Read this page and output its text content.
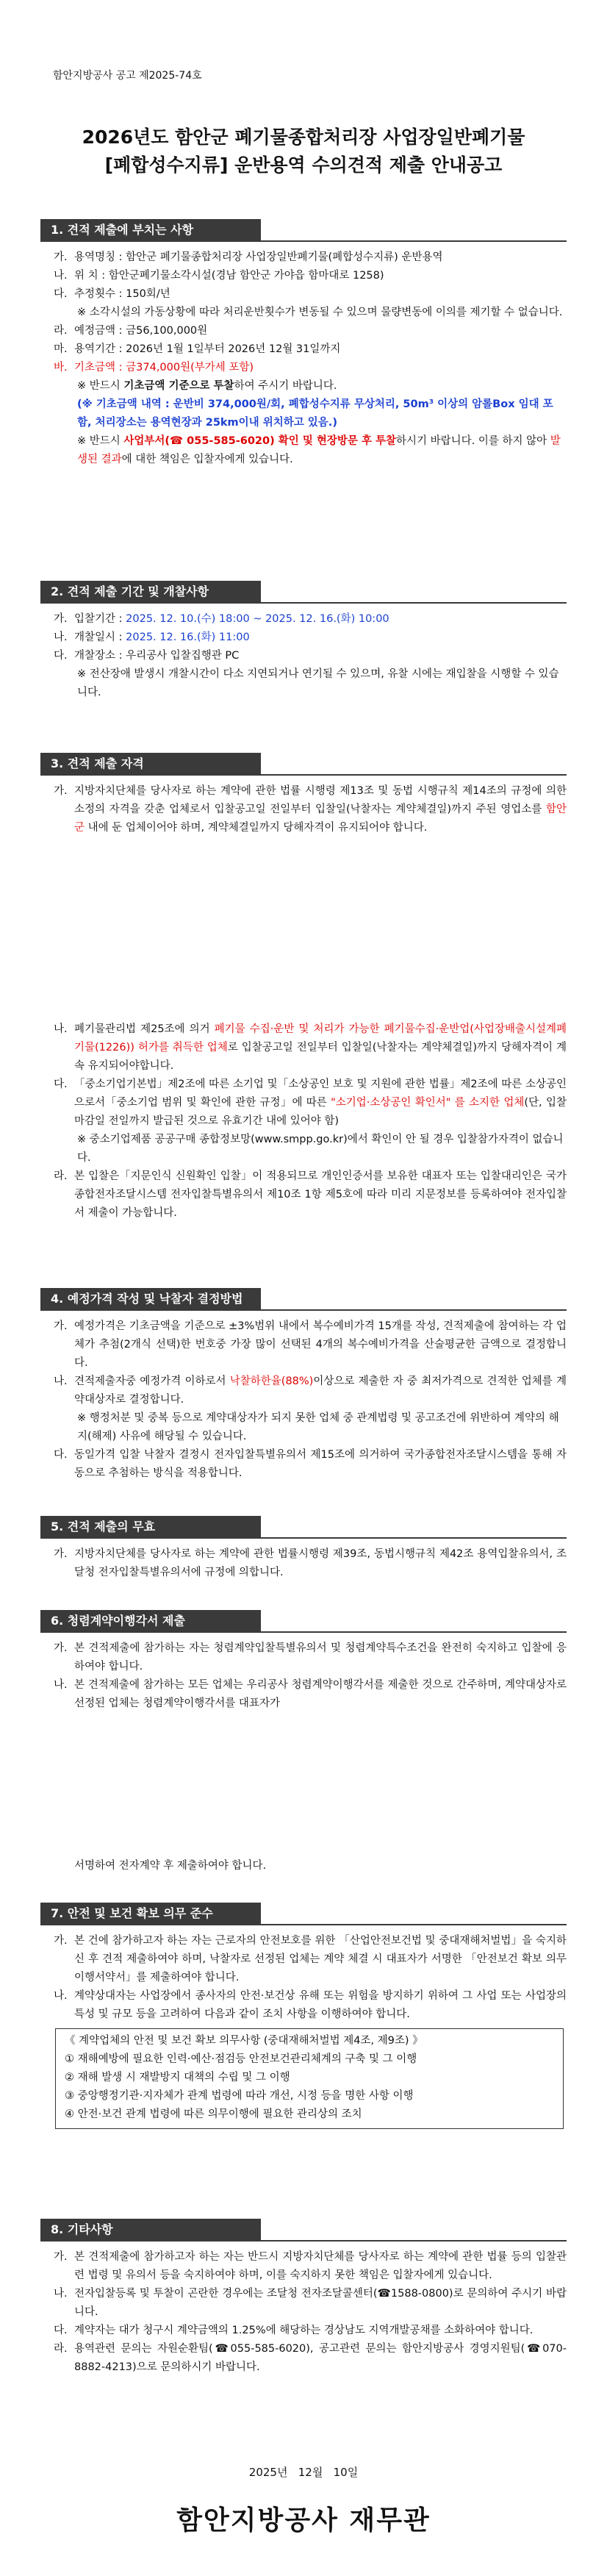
함안지방공사 공고 제2025-74호
2026년도 함안군 폐기물종합처리장 사업장일반폐기물
[폐합성수지류] 운반용역 수의견적 제출 안내공고
1. 견적 제출에 부치는 사항
가. 용역명칭 : 함안군 폐기물종합처리장 사업장일반폐기물(폐합성수지류) 운반용역
나. 위 치 : 함안군폐기물소각시설(경남 함안군 가야읍 함마대로 1258)
다. 추정횟수 : 150회/년
※ 소각시설의 가동상황에 따라 처리운반횟수가 변동될 수 있으며 물량변동에 이의를 제기할 수 없습니다.
라. 예정금액 : 금56,100,000원
마. 용역기간 : 2026년 1월 1일부터 2026년 12월 31일까지
바. 기초금액 : 금374,000원(부가세 포함)
※ 반드시 기초금액 기준으로 투찰하여 주시기 바랍니다.
(※ 기초금액 내역 : 운반비 374,000원/회, 폐합성수지류 무상처리, 50m³ 이상의 암롤Box 임대 포함, 처리장소는 용역현장과 25km이내 위치하고 있음.)
※ 반드시 사업부서(☎ 055-585-6020) 확인 및 현장방문 후 투찰하시기 바랍니다. 이를 하지 않아 발생된 결과에 대한 책임은 입찰자에게 있습니다.
2. 견적 제출 기간 및 개찰사항
가. 입찰기간 : 2025. 12. 10.(수) 18:00 ~ 2025. 12. 16.(화) 10:00
나. 개찰일시 : 2025. 12. 16.(화) 11:00
다. 개찰장소 : 우리공사 입찰집행관 PC
※ 전산장애 발생시 개찰시간이 다소 지연되거나 연기될 수 있으며, 유찰 시에는 재입찰을 시행할 수 있습니다.
3. 견적 제출 자격
가. 지방자치단체를 당사자로 하는 계약에 관한 법률 시행령 제13조 및 동법 시행규칙 제14조의 규정에 의한 소정의 자격을 갖춘 업체로서 입찰공고일 전일부터 입찰일(낙찰자는 계약체결일)까지 주된 영업소를 함안군 내에 둔 업체이어야 하며, 계약체결일까지 당해자격이 유지되어야 합니다.
나. 폐기물관리법 제25조에 의거 폐기물 수집·운반 및 처리가 가능한 폐기물수집·운반업(사업장배출시설계폐기물(1226)) 허가를 취득한 업체로 입찰공고일 전일부터 입찰일(낙찰자는 계약체결일)까지 당해자격이 계속 유지되어야합니다.
다. 「중소기업기본법」제2조에 따른 소기업 및「소상공인 보호 및 지원에 관한 법률」제2조에 따른 소상공인으로서「중소기업 범위 및 확인에 관한 규정」에 따른 "소기업·소상공인 확인서" 를 소지한 업체(단, 입찰마감일 전일까지 발급된 것으로 유효기간 내에 있어야 함)
※ 중소기업제품 공공구매 종합정보망(www.smpp.go.kr)에서 확인이 안 될 경우 입찰참가자격이 없습니다.
라. 본 입찰은「지문인식 신원확인 입찰」이 적용되므로 개인인증서를 보유한 대표자 또는 입찰대리인은 국가종합전자조달시스템 전자입찰특별유의서 제10조 1항 제5호에 따라 미리 지문정보를 등록하여야 전자입찰서 제출이 가능합니다.
4. 예정가격 작성 및 낙찰자 결정방법
가. 예정가격은 기초금액을 기준으로 ±3%범위 내에서 복수예비가격 15개를 작성, 견적제출에 참여하는 각 업체가 추첨(2개식 선택)한 번호중 가장 많이 선택된 4개의 복수예비가격을 산술평균한 금액으로 결정합니다.
나. 견적제출자중 예정가격 이하로서 낙찰하한율(88%)이상으로 제출한 자 중 최저가격으로 견적한 업체를 계약대상자로 결정합니다.
※ 행정처분 및 중복 등으로 계약대상자가 되지 못한 업체 중 관계법령 및 공고조건에 위반하여 계약의 해지(해제) 사유에 해당될 수 있습니다.
다. 동일가격 입찰 낙찰자 결정시 전자입찰특별유의서 제15조에 의거하여 국가종합전자조달시스템을 통해 자동으로 추첨하는 방식을 적용합니다.
5. 견적 제출의 무효
가. 지방자치단체를 당사자로 하는 계약에 관한 법률시행령 제39조, 동법시행규칙 제42조 용역입찰유의서, 조달청 전자입찰특별유의서에 규정에 의합니다.
6. 청렴계약이행각서 제출
가. 본 견적제출에 참가하는 자는 청렴계약입찰특별유의서 및 청렴계약특수조건을 완전히 숙지하고 입찰에 응하여야 합니다.
나. 본 견적제출에 참가하는 모든 업체는 우리공사 청렴계약이행각서를 제출한 것으로 간주하며, 계약대상자로 선정된 업체는 청렴계약이행각서를 대표자가
서명하여 전자계약 후 제출하여야 합니다.
7. 안전 및 보건 확보 의무 준수
가. 본 건에 참가하고자 하는 자는 근로자의 안전보호를 위한 「산업안전보건법 및 중대재해처벌법」을 숙지하신 후 견적 제출하여야 하며, 낙찰자로 선정된 업체는 계약 체결 시 대표자가 서명한 「안전보건 확보 의무 이행서약서」를 제출하여야 합니다.
나. 계약상대자는 사업장에서 종사자의 안전·보건상 유해 또는 위험을 방지하기 위하여 그 사업 또는 사업장의 특성 및 규모 등을 고려하여 다음과 같이 조치 사항을 이행하여야 합니다.
《 계약업체의 안전 및 보건 확보 의무사항 (중대재해처벌법 제4조, 제9조) 》
① 재해예방에 필요한 인력·예산·점검등 안전보건관리체계의 구축 및 그 이행
② 재해 발생 시 재발방지 대책의 수립 및 그 이행
③ 중앙행정기관·지자체가 관계 법령에 따라 개선, 시정 등을 명한 사항 이행
④ 안전·보건 관계 법령에 따른 의무이행에 필요한 관리상의 조치
8. 기타사항
가. 본 견적제출에 참가하고자 하는 자는 반드시 지방자치단체를 당사자로 하는 계약에 관한 법률 등의 입찰관련 법령 및 유의서 등을 숙지하여야 하며, 이를 숙지하지 못한 책임은 입찰자에게 있습니다.
나. 전자입찰등록 및 투찰이 곤란한 경우에는 조달청 전자조달콜센터(☎1588-0800)로 문의하여 주시기 바랍니다.
다. 계약자는 대가 청구시 계약금액의 1.25%에 해당하는 경상남도 지역개발공채를 소화하여야 합니다.
라. 용역관련 문의는 자원순환팀(☎055-585-6020), 공고관련 문의는 함안지방공사 경영지원팀(☎070-8882-4213)으로 문의하시기 바랍니다.
2025년   12월   10일
함안지방공사 재무관
